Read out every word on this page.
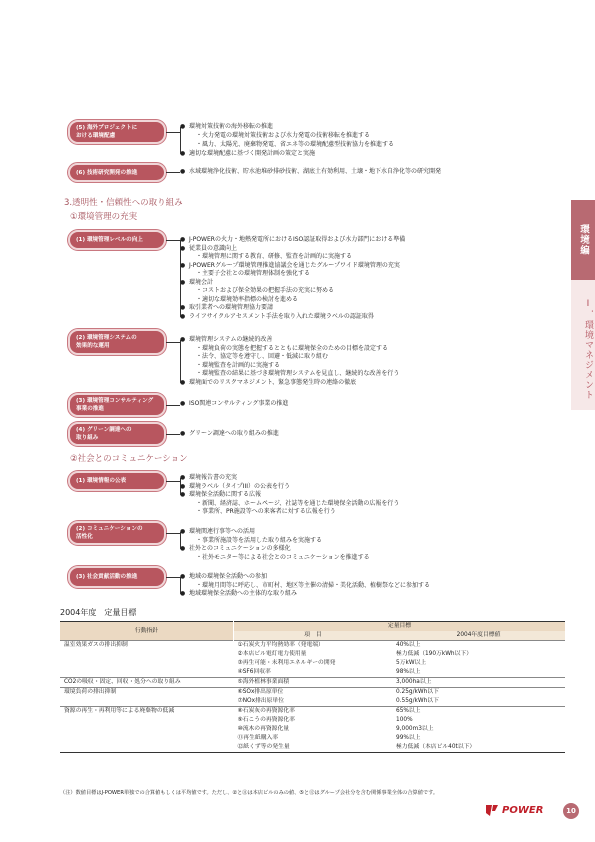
(5) 海外プロジェクトに
おける環境配慮
● 環境対策技術の海外移転の推進
・火力発電の環境対策技術および水力発電の技術移転を推進する
・風力、太陽光、廃棄物発電、省エネ等の環境配慮型技術協力を推進する
● 適切な環境配慮に基づく開発計画の策定と実施
(6) 技術研究開発の推進	● 水域環境浄化技術、貯水池堆砂排砂技術、湖底土有効利用、土壌・地下水自浄化等の研究開発
3.透明性・信頼性への取り組み
①環境管理の充実
(1) 環境管理レベルの向上	● J-POWERの火力・地熱発電所におけるISO認証取得および水力部門における準備
● 従業員の意識向上
・環境管理に関する教育、研修、監査を計画的に実施する
● J-POWERグループ環境管理推進協議会を通じたグループワイド環境管理の充実
・主要子会社との環境管理体制を強化する
● 環境会計
・コストおよび保全効果の把握手法の充実に努める
・適切な環境効率指標の検討を進める
● 取引業者への環境管理協力要請
● ライフサイクルアセスメント手法を取り入れた環境ラベルの認証取得
(2) 環境管理システムの
効果的な運用
● 環境管理システムの継続的改善
・環境負荷の実態を把握するとともに環境保全のための目標を設定する
・法令、協定等を遵守し、回避・低減に取り組む
・環境監査を計画的に実施する
・環境監査の結果に基づき環境管理システムを見直し、継続的な改善を行う
● 環境面でのリスクマネジメント、緊急事態発生時の連絡の徹底
(3) 環境管理コンサルティング
事業の推進
● ISO関連コンサルティング事業の推進
(4) グリーン調達への
取り組み
● グリーン調達への取り組みの推進
②社会とのコミュニケーション
(1) 環境情報の公表	● 環境報告書の充実
● 環境ラベル（タイプIII）の公表を行う
● 環境保全活動に関する広報
・新聞、経済誌、ホームページ、社誌等を通じた環境保全活動の広報を行う
・事業所、PR施設等への来客者に対する広報を行う
(2) コミュニケーションの
活性化
● 環境関連行事等への活用
・事業所施設等を活用した取り組みを実施する
● 社外とのコミュニケーションの多様化
・社外モニター等による社会とのコミュニケーションを推進する
(3) 社会貢献活動の推進	● 地域の環境保全活動への参加
・環境月間等に呼応し、市町村、地区等主催の清掃・美化活動、植樹祭などに参加する
● 地域環境保全活動への主体的な取り組み
2004年度　定量目標
行動指針	定量目標	
	項　目	2004年度目標値
温室効果ガスの排出抑制	①石炭火力平均熱効率（発電端）	40%以上
	②本店ビル電灯電力使用量	極力低減（190万kWh以下）
	③再生可能・未利用エネルギーの開発	5万kW以上
	④SF6回収率	98%以上
CO2の吸収・固定、回収・処分への取り組み	⑤海外植林事業面積	3,000ha以上
環境負荷の排出抑制	⑥SOx排出原単位	0.25g/kWh以下
	⑦NOx排出原単位	0.55g/kWh以下
資源の再生・再利用等による廃棄物の低減	⑧石炭灰の再資源化率	65%以上
	⑨石こうの再資源化率	100%
	⑩流木の再資源化量	9,000m3以上
	⑪再生紙購入率	99%以上
	⑫紙くず等の発生量	極力低減（本店ビル40t以下）
（注）数値目標はJ-POWER単独での合算値もしくは平均値です。ただし、②と⑪は本店ビルのみの値、⑤と⑫はグループ会社分を含む関係事業全体の合算値です。
環境編
Ⅰ．環境マネジメント
POWER	10
